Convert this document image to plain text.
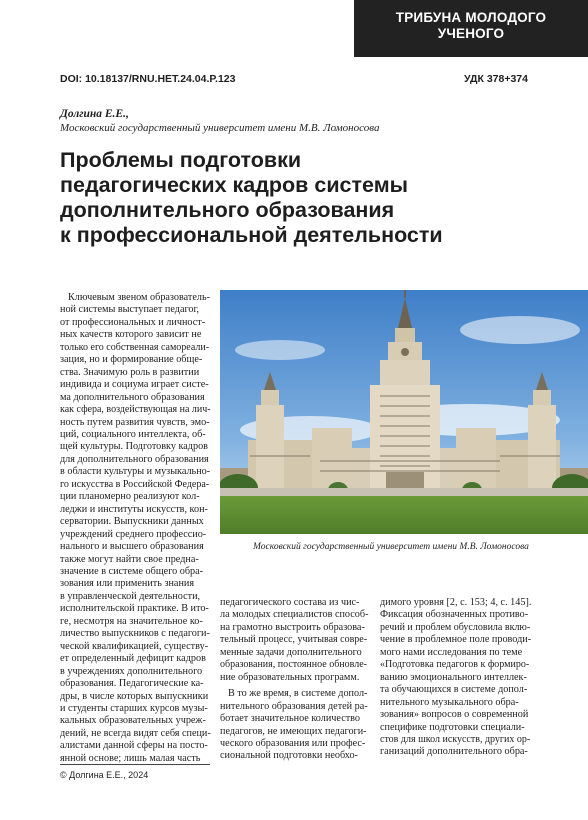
ТРИБУНА МОЛОДОГО
УЧЕНОГО
DOI: 10.18137/RNU.HET.24.04.P.123	УДК 378+374
Долгина Е.Е.,
Московский государственный университет имени М.В. Ломоносова
Проблемы подготовки
педагогических кадров системы
дополнительного образования
к профессиональной деятельности
Ключевым звеном образователь-
ной системы выступает педагог,
от профессиональных и личност-
ных качеств которого зависит не
только его собственная самореали-
зация, но и формирование обще-
ства. Значимую роль в развитии
индивида и социума играет систе-
ма дополнительного образования
как сфера, воздействующая на лич-
ность путем развития чувств, эмо-
ций, социального интеллекта, об-
щей культуры. Подготовку кадров
для дополнительного образования
в области культуры и музыкально-
го искусства в Российской Федера-
ции планомерно реализуют кол-
леджи и институты искусств, кон-
серватории. Выпускники данных
учреждений среднего профессио-
нального и высшего образования
также могут найти свое предна-
значение в системе общего обра-
зования или применить знания
в управленческой деятельности,
исполнительской практике. В ито-
ге, несмотря на значительное ко-
личество выпускников с педагоги-
ческой квалификацией, существу-
ет определенный дефицит кадров
в учреждениях дополнительного
образования. Педагогические ка-
дры, в числе которых выпускники
и студенты старших курсов музы-
кальных образовательных учреж-
дений, не всегда видят себя специ-
алистами данной сферы на посто-
янной основе; лишь малая часть
Московский государственный университет имени М.В. Ломоносова
педагогического состава из чис-
ла молодых специалистов способ-
на грамотно выстроить образова-
тельный процесс, учитывая совре-
менные задачи дополнительного
образования, постоянное обновле-
ние образовательных программ.
В то же время, в системе допол-
нительного образования детей ра-
ботает значительное количество
педагогов, не имеющих педагоги-
ческого образования или профес-
сиональной подготовки необхо-
димого уровня [2, с. 153; 4, с. 145].
Фиксация обозначенных противо-
речий и проблем обусловила вклю-
чение в проблемное поле проводи-
мого нами исследования по теме
«Подготовка педагогов к формиро-
ванию эмоционального интеллек-
та обучающихся в системе допол-
нительного музыкального обра-
зования» вопросов о современной
специфике подготовки специали-
стов для школ искусств, других ор-
ганизаций дополнительного обра-
© Долгина Е.Е., 2024
